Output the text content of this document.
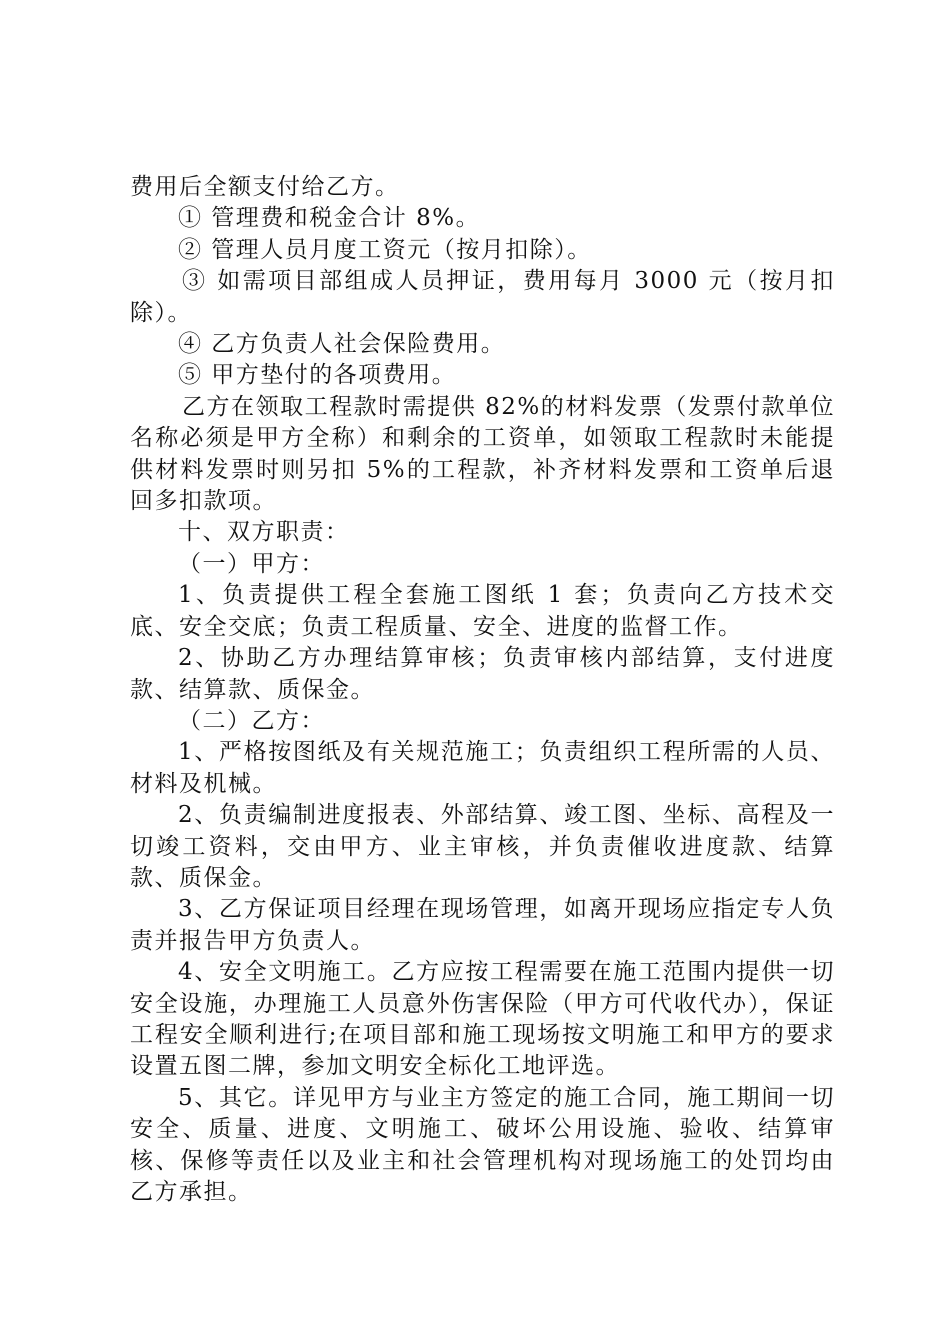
费用后全额支付给乙方。

① 管理费和税金合计 8%。

② 管理人员月度工资元（按月扣除）。

③ 如需项目部组成人员押证，费用每月 3000 元（按月扣除）。

④ 乙方负责人社会保险费用。

⑤ 甲方垫付的各项费用。

乙方在领取工程款时需提供 82%的材料发票（发票付款单位名称必须是甲方全称）和剩余的工资单，如领取工程款时未能提供材料发票时则另扣 5%的工程款，补齐材料发票和工资单后退回多扣款项。

十、双方职责：

（一）甲方：

1、负责提供工程全套施工图纸 1 套；负责向乙方技术交底、安全交底；负责工程质量、安全、进度的监督工作。

2、协助乙方办理结算审核；负责审核内部结算，支付进度款、结算款、质保金。

（二）乙方：

1、严格按图纸及有关规范施工；负责组织工程所需的人员、材料及机械。

2、负责编制进度报表、外部结算、竣工图、坐标、高程及一切竣工资料，交由甲方、业主审核，并负责催收进度款、结算款、质保金。

3、乙方保证项目经理在现场管理，如离开现场应指定专人负责并报告甲方负责人。

4、安全文明施工。乙方应按工程需要在施工范围内提供一切安全设施，办理施工人员意外伤害保险（甲方可代收代办），保证工程安全顺利进行;在项目部和施工现场按文明施工和甲方的要求设置五图二牌，参加文明安全标化工地评选。

5、其它。详见甲方与业主方签定的施工合同，施工期间一切安全、质量、进度、文明施工、破坏公用设施、验收、结算审核、保修等责任以及业主和社会管理机构对现场施工的处罚均由乙方承担。
